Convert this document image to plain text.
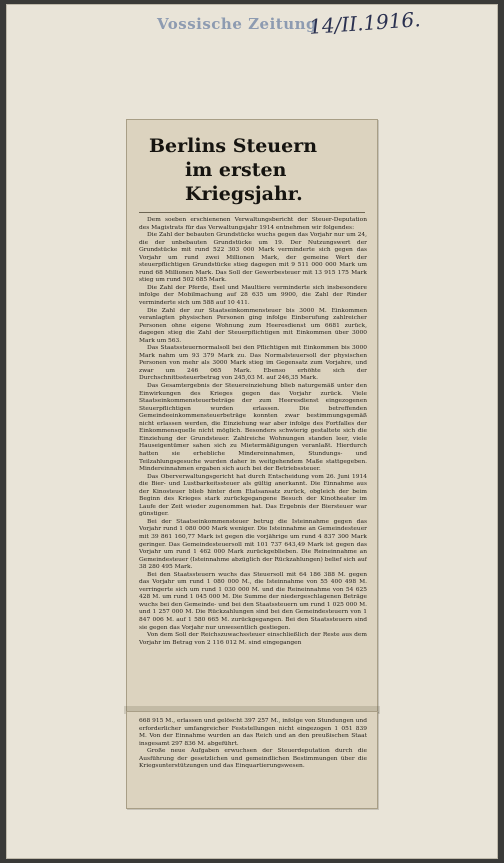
Vossische Zeitung
14/II.1916.
Berlins Steuern
im ersten Kriegsjahr.

Dem soeben erschienenen Verwaltungsbericht der Steuer-Deputation des Magistrats für das Verwaltungsjahr 1914 entnehmen wir folgendes:

Die Zahl der bebauten Grundstücke wuchs gegen das Vorjahr nur um 24, die der unbebauten Grundstücke um 19. Der Nutzungswert der Grundstücke mit rund 522 303 000 Mark verminderte sich gegen das Vorjahr um rund zwei Millionen Mark, der gemeine Wert der steuerpflichtigen Grundstücke stieg dagegen mit 9 511 000 000 Mark um rund 68 Millionen Mark. Das Soll der Gewerbesteuer mit 13 915 175 Mark stieg um rund 502 685 Mark.

Die Zahl der Pferde, Esel und Maultiere verminderte sich insbesondere infolge der Mobilmachung auf 28 635 um 9900, die Zahl der Rinder verminderte sich um 588 auf 10 411.

Die Zahl der zur Staatseinkommensteuer bis 3000 M. Einkommen veranlagten physischen Personen ging infolge Einberufung zahlreicher Personen ohne eigene Wohnung zum Heeresdienst um 6681 zurück, dagegen stieg die Zahl der Steuerpflichtigen mit Einkommen über 3000 Mark um 563.

Das Staatssteuernormalsoll bei den Pflichtigen mit Einkommen bis 3000 Mark nahm um 93 379 Mark zu. Das Normalsteuersoll der physischen Personen von mehr als 3000 Mark stieg im Gegensatz zum Vorjahre, und zwar um 246 065 Mark. Ebenso erhöhte sich der Durchschnittssteuerbetrag von 245,03 M. auf 246,35 Mark.

Das Gesamtergebnis der Steuereinziehung blieb naturgemäß unter den Einwirkungen des Krieges gegen das Vorjahr zurück. Viele Staatseinkommensteuerbeträge der zum Heeresdienst eingezogenen Steuerpflichtigen wurden erlassen. Die betreffenden Gemeindeeinkommensteuerbeträge konnten zwar bestimmungsgemäß nicht erlassen werden, die Einziehung war aber infolge des Fortfalles der Einkommensquelle nicht möglich. Besonders schwierig gestaltete sich die Einziehung der Grundsteuer. Zahlreiche Wohnungen standen leer, viele Hauseigentümer sahen sich zu Mietermäßigungen veranlaßt. Hierdurch hatten sie erhebliche Mindereinnahmen, Stundungs- und Teilzahlungsgesuche wurden daher in weitgehendem Maße stattgegeben. Mindereinnahmen ergaben sich auch bei der Betriebssteuer.

Das Oberverwaltungsgericht hat durch Entscheidung vom 26. Juni 1914 die Bier- und Lustbarkeitssteuer als gültig anerkannt. Die Einnahme aus der Kinosteuer blieb hinter dem Etatsansatz zurück, obgleich der beim Beginn des Krieges stark zurückgegangene Besuch der Kinotheater im Laufe der Zeit wieder zugenommen hat. Das Ergebnis der Biersteuer war günstiger.

Bei der Staatseinkommensteuer betrug die Isteinnahme gegen das Vorjahr rund 1 080 000 Mark weniger. Die Isteinnahme an Gemeindesteuer mit 39 861 160,77 Mark ist gegen die vorjährige um rund 4 837 300 Mark geringer. Das Gemeindesteuersoll mit 101 737 643,49 Mark ist gegen das Vorjahr um rund 1 462 000 Mark zurückgeblieben. Die Reineinnahme an Gemeindesteuer (Isteinnahme abzüglich der Rückzahlungen) belief sich auf 38 280 495 Mark.

Bei den Staatssteuern wuchs das Steuersoll mit 64 186 388 M. gegen das Vorjahr um rund 1 080 000 M., die Isteinnahme von 55 400 498 M. verringerte sich um rund 1 030 000 M. und die Reineinnahme von 54 625 428 M. um rund 1 045 000 M. Die Summe der niedergeschlagenen Beträge wuchs bei den Gemeinde- und bei den Staatssteuern um rund 1 025 000 M. und 1 257 000 M. Die Rückzahlungen sind bei den Gemeindesteuern von 1 847 006 M. auf 1 580 665 M. zurückgegangen. Bei den Staatssteuern sind sie gegen das Vorjahr nur unwesentlich gestiegen.

Von dem Soll der Reichszuwachssteuer einschließlich der Reste aus dem Vorjahr im Betrag von 2 116 012 M. sind eingegangen

668 915 M., erlassen und gelöscht 397 257 M., infolge von Stundungen und erforderlicher umfangreicher Feststellungen nicht eingezogen 1 051 839 M. Von der Einnahme wurden an das Reich und an den preußischen Staat insgesamt 297 836 M. abgeführt.

Große neue Aufgaben erwuchsen der Steuerdeputation durch die Ausführung der gesetzlichen und gemeindlichen Bestimmungen über die Kriegsunterstützungen und das Einquartierungswesen.
